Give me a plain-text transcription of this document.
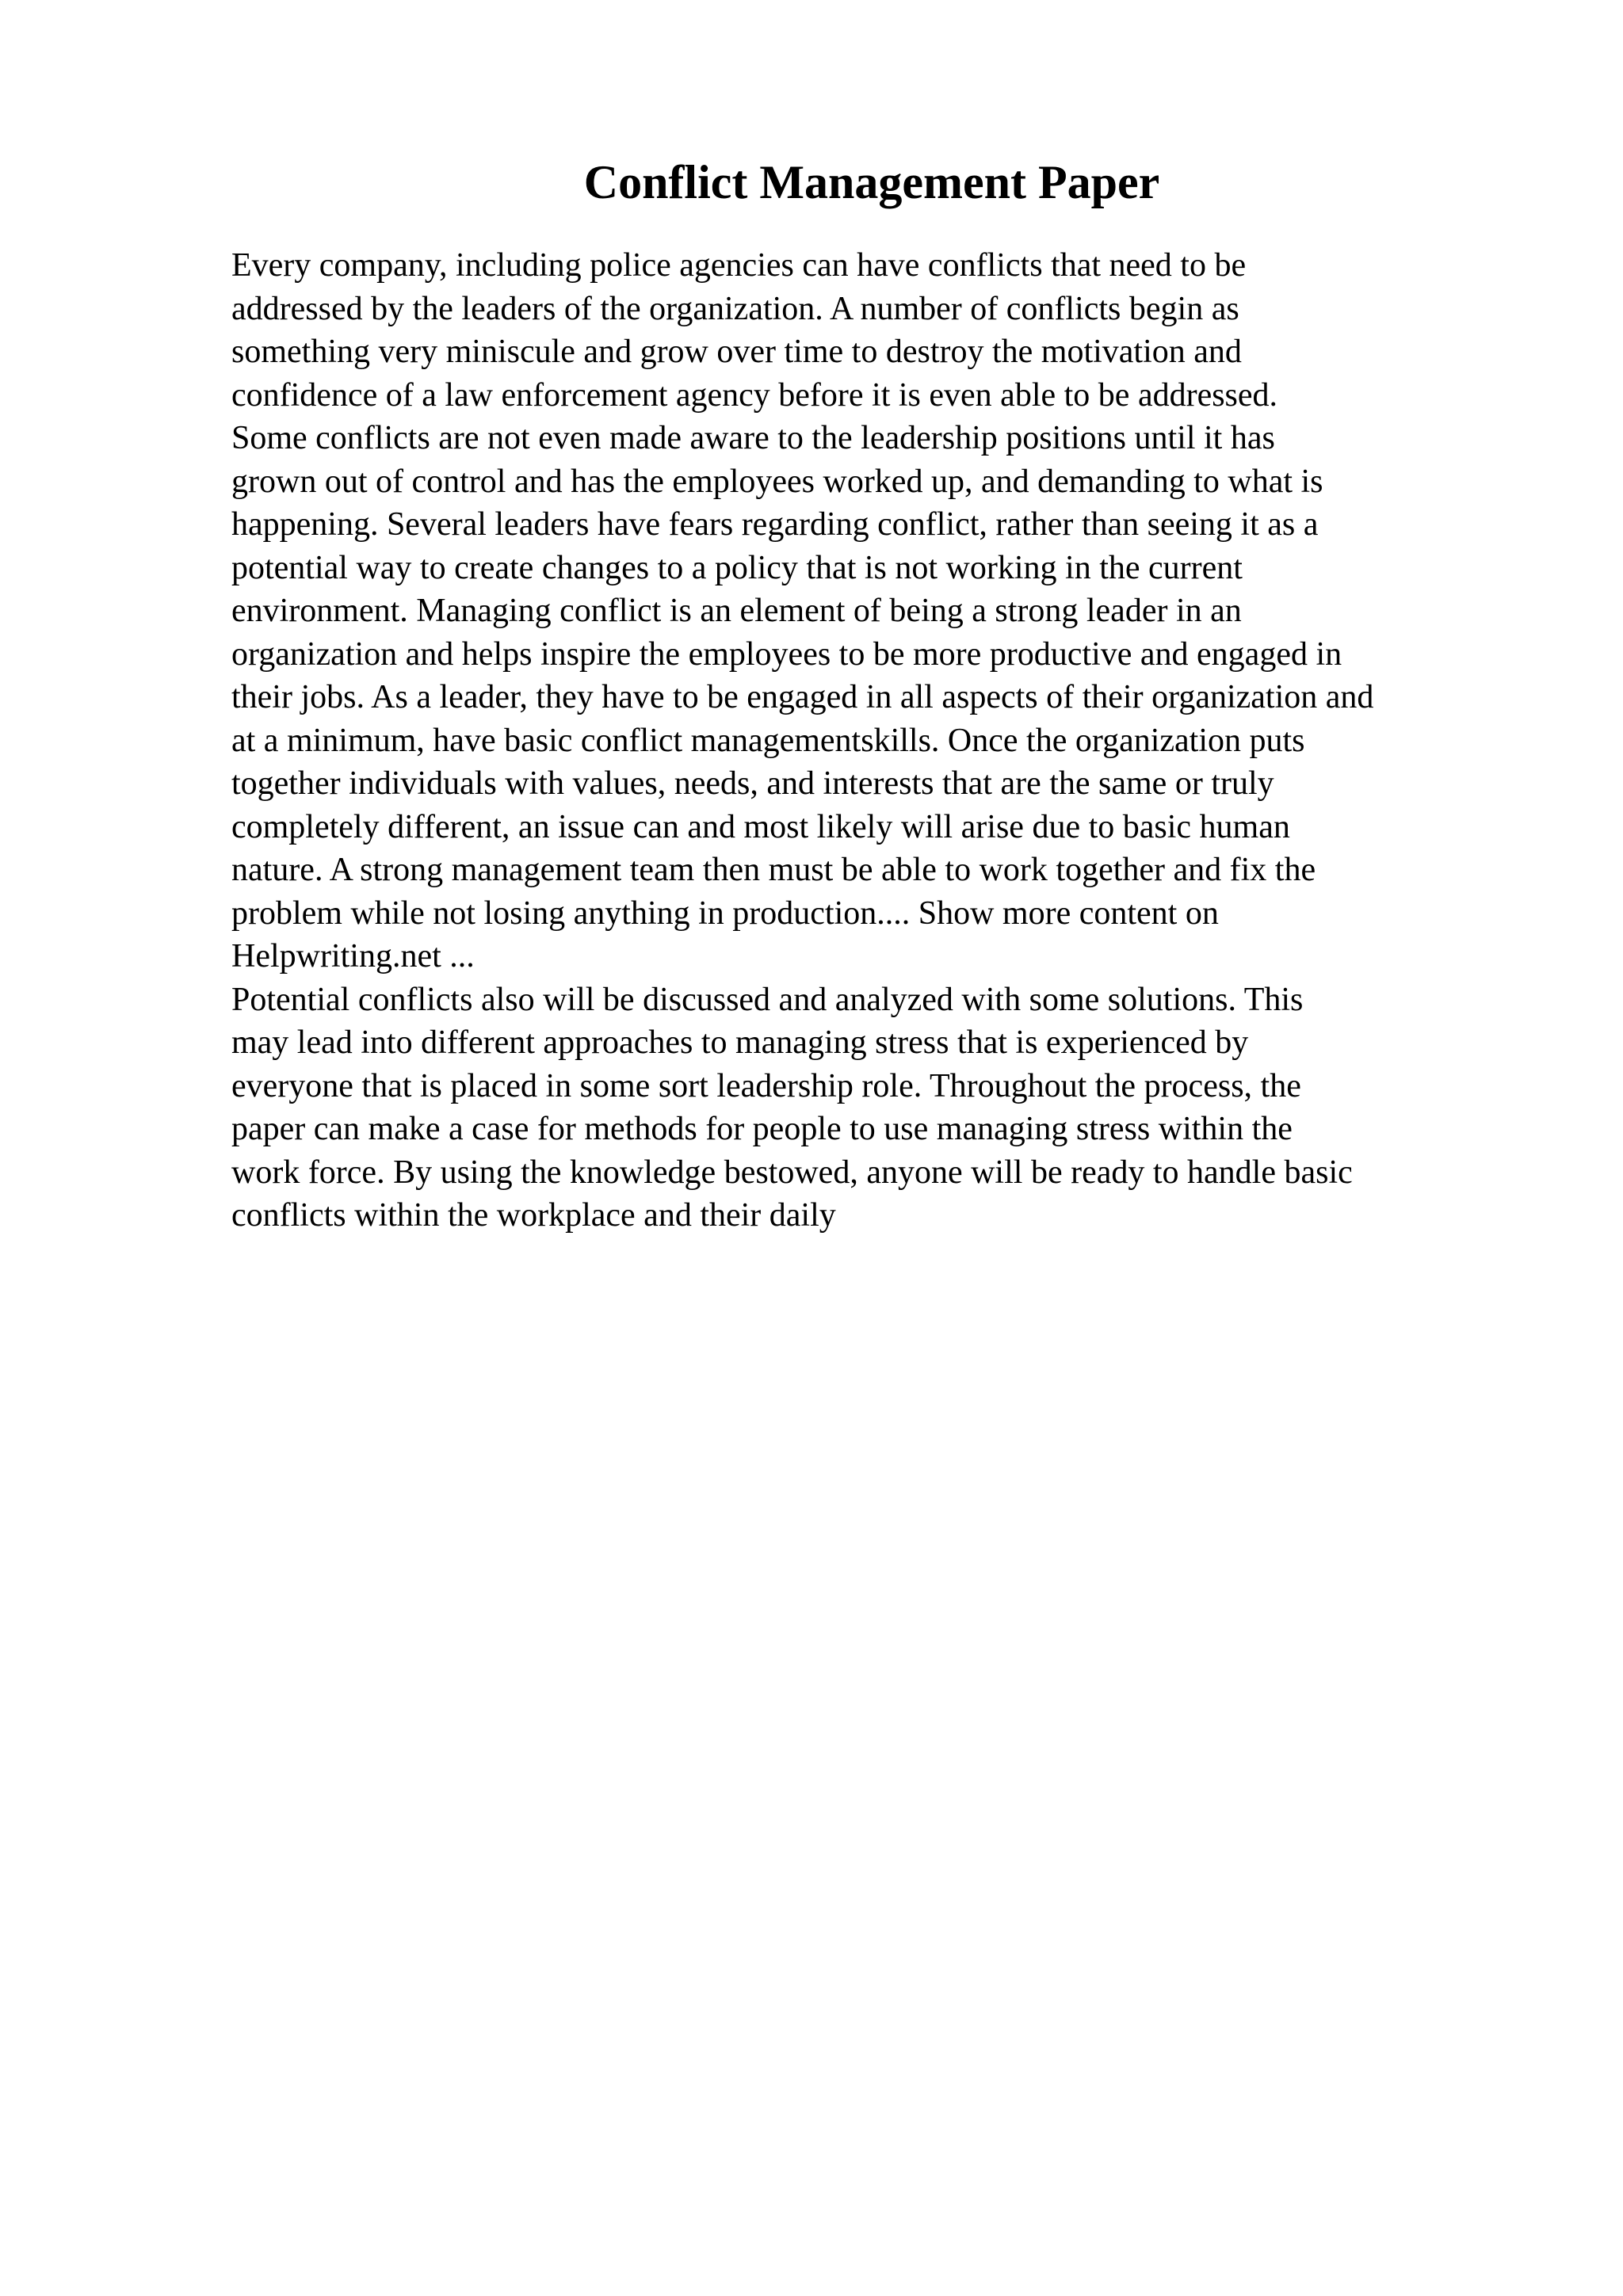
Conflict Management Paper
Every company, including police agencies can have conflicts that need to be
addressed by the leaders of the organization. A number of conflicts begin as
something very miniscule and grow over time to destroy the motivation and
confidence of a law enforcement agency before it is even able to be addressed.
Some conflicts are not even made aware to the leadership positions until it has
grown out of control and has the employees worked up, and demanding to what is
happening. Several leaders have fears regarding conflict, rather than seeing it as a
potential way to create changes to a policy that is not working in the current
environment. Managing conflict is an element of being a strong leader in an
organization and helps inspire the employees to be more productive and engaged in
their jobs. As a leader, they have to be engaged in all aspects of their organization and
at a minimum, have basic conflict managementskills. Once the organization puts
together individuals with values, needs, and interests that are the same or truly
completely different, an issue can and most likely will arise due to basic human
nature. A strong management team then must be able to work together and fix the
problem while not losing anything in production.... Show more content on
Helpwriting.net ...
Potential conflicts also will be discussed and analyzed with some solutions. This
may lead into different approaches to managing stress that is experienced by
everyone that is placed in some sort leadership role. Throughout the process, the
paper can make a case for methods for people to use managing stress within the
work force. By using the knowledge bestowed, anyone will be ready to handle basic
conflicts within the workplace and their daily
